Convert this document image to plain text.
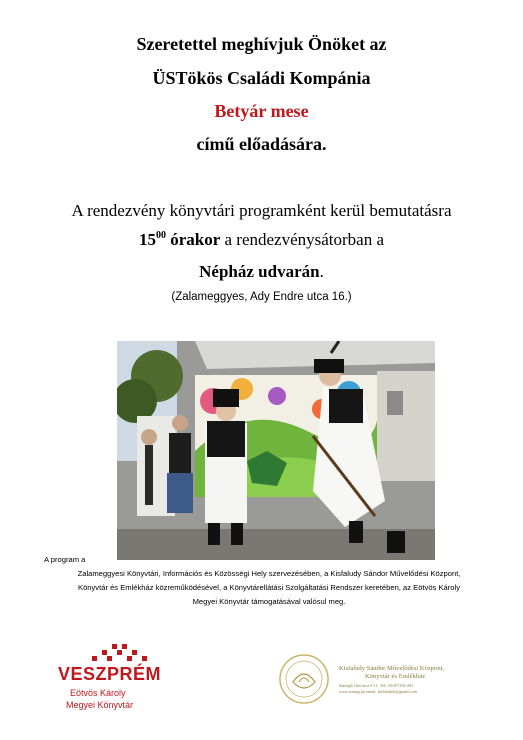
Szeretettel meghívjuk Önöket az
ÜSTökös Családi Kompánia
Betyár mese
című előadására.
A rendezvény könyvtári programként kerül bemutatásra
$15^{00}$ órakor a rendezvénysátorban a
Népház udvarán.
(Zalameggyes, Ady Endre utca 16.)
A program a
Zalameggyesi Könyvtári, Információs és Közösségi Hely szervezésében, a Kisfaludy Sándor Művelődési Központ,
Könyvtár és Emlékház közreműködésével, a Könyvtárellátási Szolgáltatási Rendszer keretében, az Eötvös Károly
Megyei Könyvtár támogatásával valósul meg.
VESZPRÉM
Eötvös Károly
Megyei Könyvtár
Kisfaludy Sándor Művelődési Központ,
Könyvtár és Emlékház
Sümegh Ottó utca 9-11. Tel.: 06-87/356-263
www.sumeg.hu email: kisfaludyk@gmail.com
